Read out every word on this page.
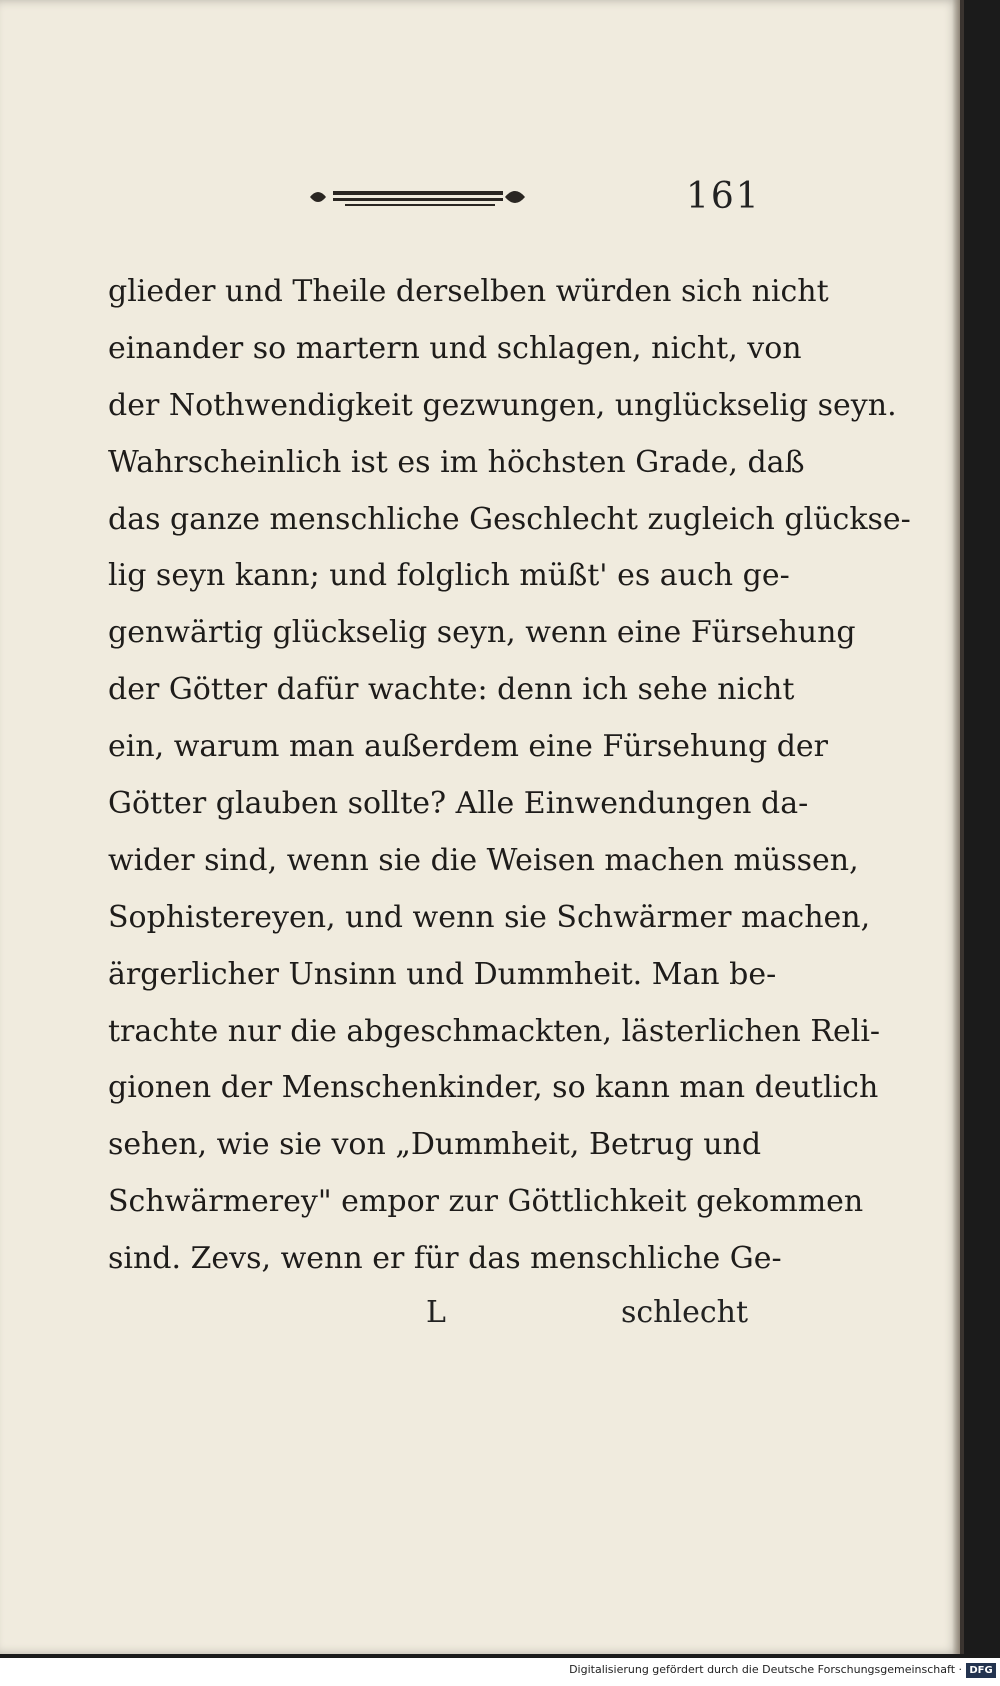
161
glieder und Theile derselben würden sich nicht
einander so martern und schlagen, nicht, von
der Nothwendigkeit gezwungen, unglückselig seyn.
Wahrscheinlich ist es im höchsten Grade, daß
das ganze menschliche Geschlecht zugleich glückse-
lig seyn kann; und folglich müßt' es auch ge-
genwärtig glückselig seyn, wenn eine Fürsehung
der Götter dafür wachte: denn ich sehe nicht
ein, warum man außerdem eine Fürsehung der
Götter glauben sollte? Alle Einwendungen da-
wider sind, wenn sie die Weisen machen müssen,
Sophistereyen, und wenn sie Schwärmer machen,
ärgerlicher Unsinn und Dummheit. Man be-
trachte nur die abgeschmackten, lästerlichen Reli-
gionen der Menschenkinder, so kann man deutlich
sehen, wie sie von „Dummheit, Betrug und
Schwärmerey" empor zur Göttlichkeit gekommen
sind. Zevs, wenn er für das menschliche Ge-
L	schlecht
Digitalisierung gefördert durch die Deutsche Forschungsgemeinschaft · DFG
